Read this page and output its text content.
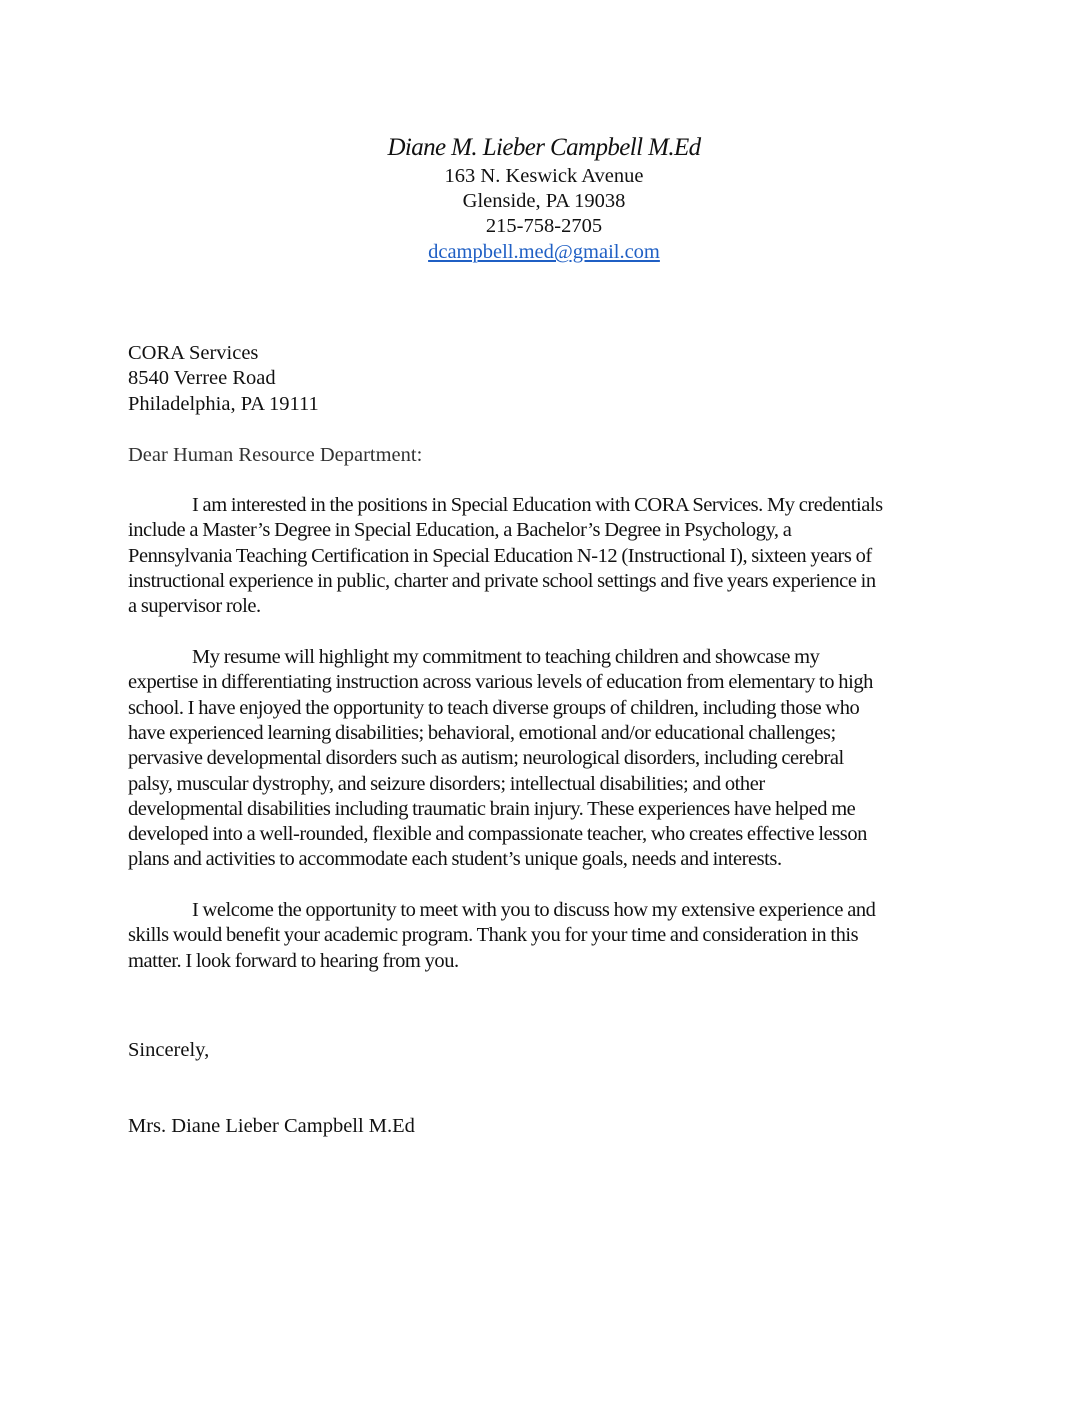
Diane M. Lieber Campbell M.Ed
163 N. Keswick Avenue
Glenside, PA 19038
215-758-2705
dcampbell.med@gmail.com
CORA Services
8540 Verree Road
Philadelphia, PA 19111
Dear Human Resource Department:
I am interested in the positions in Special Education with CORA Services. My credentials
include a Master’s Degree in Special Education, a Bachelor’s Degree in Psychology, a
Pennsylvania Teaching Certification in Special Education N-12 (Instructional I), sixteen years of
instructional experience in public, charter and private school settings and five years experience in
a supervisor role.
My resume will highlight my commitment to teaching children and showcase my
expertise in differentiating instruction across various levels of education from elementary to high
school. I have enjoyed the opportunity to teach diverse groups of children, including those who
have experienced learning disabilities; behavioral, emotional and/or educational challenges;
pervasive developmental disorders such as autism; neurological disorders, including cerebral
palsy, muscular dystrophy, and seizure disorders; intellectual disabilities; and other
developmental disabilities including traumatic brain injury. These experiences have helped me
developed into a well-rounded, flexible and compassionate teacher, who creates effective lesson
plans and activities to accommodate each student’s unique goals, needs and interests.
I welcome the opportunity to meet with you to discuss how my extensive experience and
skills would benefit your academic program. Thank you for your time and consideration in this
matter. I look forward to hearing from you.
Sincerely,
Mrs. Diane Lieber Campbell M.Ed
